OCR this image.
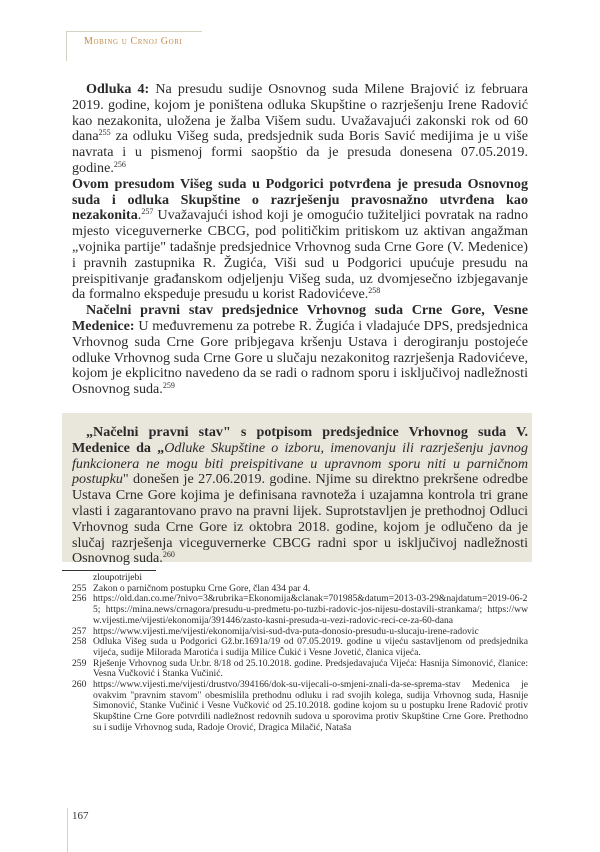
Mobing u Crnoj Gori

Odluka 4: Na presudu sudije Osnovnog suda Milene Brajović iz februara 2019. godine, kojom je poništena odluka Skupštine o razrješenju Irene Radović kao nezakonita, uložena je žalba Višem sudu. Uvažavajući zakonski rok od 60 dana$^{255}$ za odluku Višeg suda, predsjednik suda Boris Savić medijima je u više navrata i u pismenoj formi saopštio da je presuda donesena 07.05.2019. godine.$^{256}$
Ovom presudom Višeg suda u Podgorici potvrđena je presuda Osnovnog suda i odluka Skupštine o razrješenju pravosnažno utvrđena kao nezakonita.$^{257}$ Uvažavajući ishod koji je omogućio tužiteljici povratak na radno mjesto viceguvernerke CBCG, pod političkim pritiskom uz aktivan angažman „vojnika partije" tadašnje predsjednice Vrhovnog suda Crne Gore (V. Medenice) i pravnih zastupnika R. Žugića, Viši sud u Podgorici upućuje presudu na preispitivanje građanskom odjeljenju Višeg suda, uz dvomjesečno izbjegavanje da formalno ekspeduje presudu u korist Radovićeve.$^{258}$

Načelni pravni stav predsjednice Vrhovnog suda Crne Gore, Vesne Medenice: U međuvremenu za potrebe R. Žugića i vladajuće DPS, predsjednica Vrhovnog suda Crne Gore pribjegava kršenju Ustava i derogiranju postojeće odluke Vrhovnog suda Crne Gore u slučaju nezakonitog razrješenja Radovićeve, kojom je ekplicitno navedeno da se radi o radnom sporu i isključivoj nadležnosti Osnovnog suda.$^{259}$

„Načelni pravni stav" s potpisom predsjednice Vrhovnog suda V. Medenice da „Odluke Skupštine o izboru, imenovanju ili razrješenju javnog funkcionera ne mogu biti preispitivane u upravnom sporu niti u parničnom postupku" donešen je 27.06.2019. godine. Njime su direktno prekršene odredbe Ustava Crne Gore kojima je definisana ravnoteža i uzajamna kontrola tri grane vlasti i zagarantovano pravo na pravni lijek. Suprotstavljen je prethodnoj Odluci Vrhovnog suda Crne Gore iz oktobra 2018. godine, kojom je odlučeno da je slučaj razrješenja viceguvernerke CBCG radni spor u isključivoj nadležnosti Osnovnog suda.$^{260}$

zloupotrijebi
255 Zakon o parničnom postupku Crne Gore, član 434 par 4.
256 https://old.dan.co.me/?nivo=3&rubrika=Ekonomija&clanak=701985&datum=2013-03-29&najdatum=2019-06-25; https://mina.news/crnagora/presudu-u-predmetu-po-tuzbi-radovic-jos-nijesu-dostavili-strankama/; https://www.vijesti.me/vijesti/ekonomija/391446/zasto-kasni-presuda-u-vezi-radovic-reci-ce-za-60-dana
257 https://www.vijesti.me/vijesti/ekonomija/visi-sud-dva-puta-donosio-presudu-u-slucaju-irene-radovic
258 Odluka Višeg suda u Podgorici Gž.br.1691a/19 od 07.05.2019. godine u vijeću sastavljenom od predsjednika vijeća, sudije Milorada Marotića i sudija Milice Čukić i Vesne Jovetić, članica vijeća.
259 Rješenje Vrhovnog suda Ur.br. 8/18 od 25.10.2018. godine. Predsjedavajuća Vijeća: Hasnija Simonović, članice: Vesna Vučković i Stanka Vučinić.
260 https://www.vijesti.me/vijesti/drustvo/394166/dok-su-vijecali-o-smjeni-znali-da-se-sprema-stav Medenica je ovakvim "pravnim stavom" obesmislila prethodnu odluku i rad svojih kolega, sudija Vrhovnog suda, Hasnije Simonović, Stanke Vučinić i Vesne Vučković od 25.10.2018. godine kojom su u postupku Irene Radović protiv Skupštine Crne Gore potvrdili nadležnost redovnih sudova u sporovima protiv Skupštine Crne Gore. Prethodno su i sudije Vrhovnog suda, Radoje Orović, Dragica Milačić, Nataša
167
